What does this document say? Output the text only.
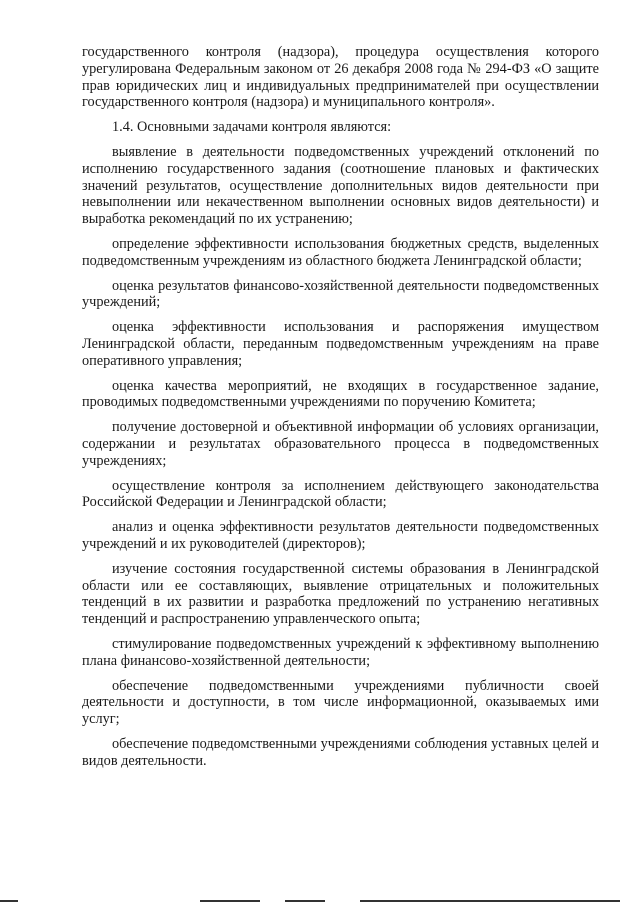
государственного контроля (надзора), процедура осуществления которого урегулирована Федеральным законом от 26 декабря 2008 года № 294-ФЗ «О защите прав юридических лиц и индивидуальных предпринимателей при осуществлении государственного контроля (надзора) и муниципального контроля».

1.4. Основными задачами контроля являются:

выявление в деятельности подведомственных учреждений отклонений по исполнению государственного задания (соотношение плановых и фактических значений результатов, осуществление дополнительных видов деятельности при невыполнении или некачественном выполнении основных видов деятельности) и выработка рекомендаций по их устранению;

определение эффективности использования бюджетных средств, выделенных подведомственным учреждениям из областного бюджета Ленинградской области;

оценка результатов финансово-хозяйственной деятельности подведомственных учреждений;

оценка эффективности использования и распоряжения имуществом Ленинградской области, переданным подведомственным учреждениям на праве оперативного управления;

оценка качества мероприятий, не входящих в государственное задание, проводимых подведомственными учреждениями по поручению Комитета;

получение достоверной и объективной информации об условиях организации, содержании и результатах образовательного процесса в подведомственных учреждениях;

осуществление контроля за исполнением действующего законодательства Российской Федерации и Ленинградской области;

анализ и оценка эффективности результатов деятельности подведомственных учреждений и их руководителей (директоров);

изучение состояния государственной системы образования в Ленинградской области или ее составляющих, выявление отрицательных и положительных тенденций в их развитии и разработка предложений по устранению негативных тенденций и распространению управленческого опыта;

стимулирование подведомственных учреждений к эффективному выполнению плана финансово-хозяйственной деятельности;

обеспечение подведомственными учреждениями публичности своей деятельности и доступности, в том числе информационной, оказываемых ими услуг;

обеспечение подведомственными учреждениями соблюдения уставных целей и видов деятельности.
